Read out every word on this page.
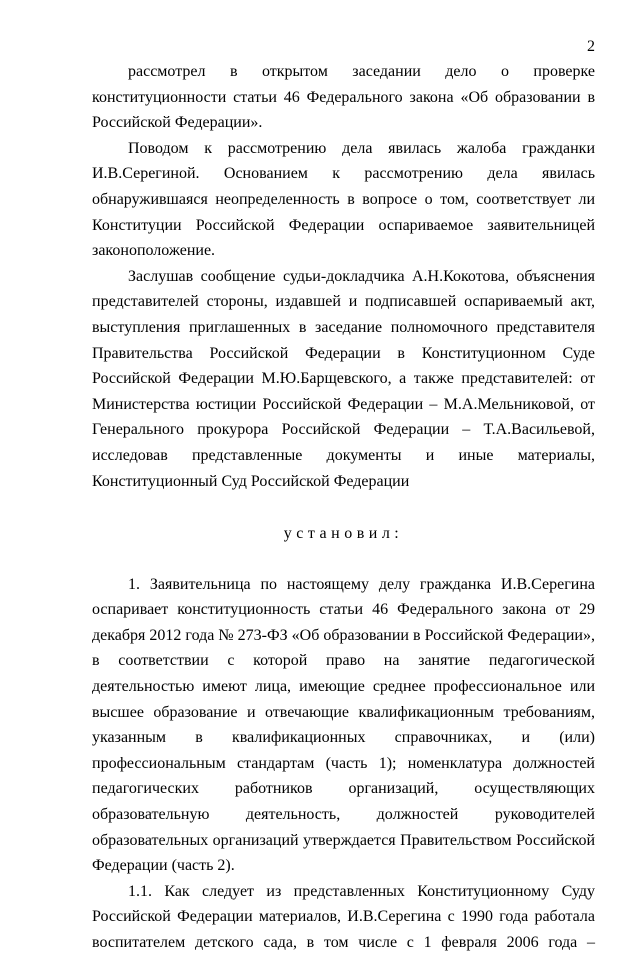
2

рассмотрел в открытом заседании дело о проверке конституционности статьи 46 Федерального закона «Об образовании в Российской Федерации».

Поводом к рассмотрению дела явилась жалоба гражданки И.В.Серегиной. Основанием к рассмотрению дела явилась обнаружившаяся неопределенность в вопросе о том, соответствует ли Конституции Российской Федерации оспариваемое заявительницей законоположение.

Заслушав сообщение судьи-докладчика А.Н.Кокотова, объяснения представителей стороны, издавшей и подписавшей оспариваемый акт, выступления приглашенных в заседание полномочного представителя Правительства Российской Федерации в Конституционном Суде Российской Федерации М.Ю.Барщевского, а также представителей: от Министерства юстиции Российской Федерации – М.А.Мельниковой, от Генерального прокурора Российской Федерации – Т.А.Васильевой, исследовав представленные документы и иные материалы, Конституционный Суд Российской Федерации

установил:

1. Заявительница по настоящему делу гражданка И.В.Серегина оспаривает конституционность статьи 46 Федерального закона от 29 декабря 2012 года № 273-ФЗ «Об образовании в Российской Федерации», в соответствии с которой право на занятие педагогической деятельностью имеют лица, имеющие среднее профессиональное или высшее образование и отвечающие квалификационным требованиям, указанным в квалификационных справочниках, и (или) профессиональным стандартам (часть 1); номенклатура должностей педагогических работников организаций, осуществляющих образовательную деятельность, должностей руководителей образовательных организаций утверждается Правительством Российской Федерации (часть 2).

1.1. Как следует из представленных Конституционному Суду Российской Федерации материалов, И.В.Серегина с 1990 года работала воспитателем детского сада, в том числе с 1 февраля 2006 года –
